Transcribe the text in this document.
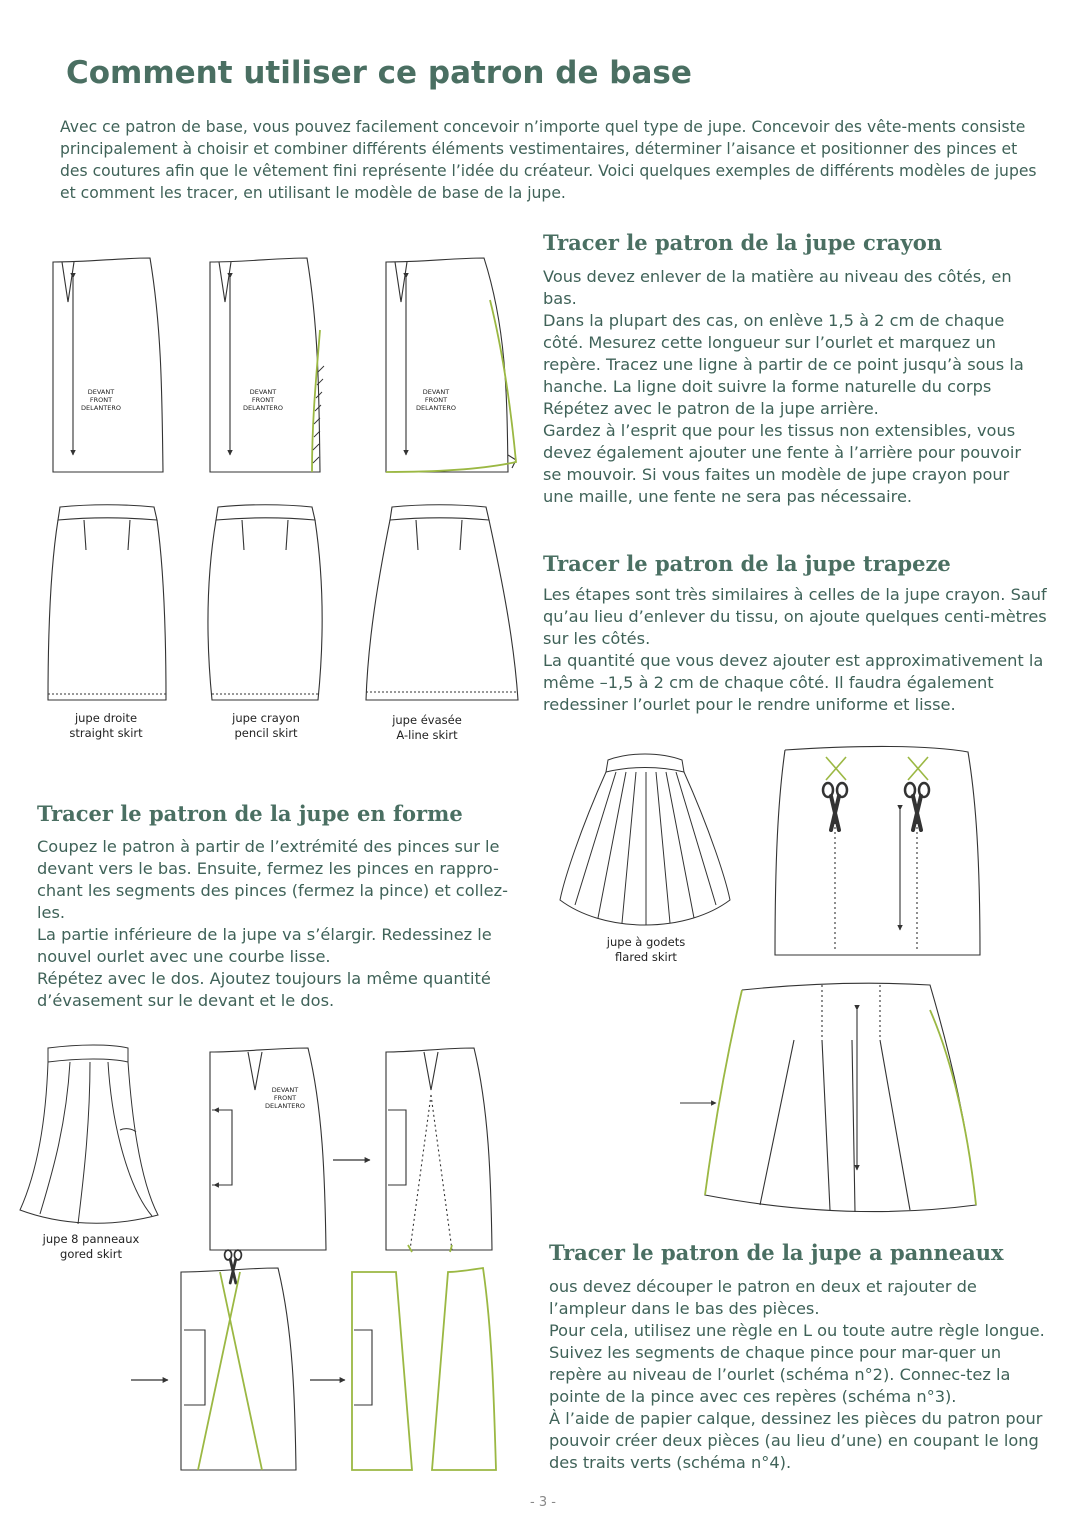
Comment utiliser ce patron de base

Avec ce patron de base, vous pouvez facilement concevoir n’importe quel type de jupe. Concevoir des vête-ments consiste principalement à choisir et combiner différents éléments vestimentaires, déterminer l’aisance et positionner des pinces et des coutures afin que le vêtement fini représente l’idée du créateur. Voici quelques exemples de différents modèles de jupes et comment les tracer, en utilisant le modèle de base de la jupe.

Tracer le patron de la jupe crayon

Vous devez enlever de la matière au niveau des côtés, en bas.

Dans la plupart des cas, on enlève 1,5 à 2 cm de chaque côté. Mesurez cette longueur sur l’ourlet et marquez un repère. Tracez une ligne à partir de ce point jusqu’à sous la hanche. La ligne doit suivre la forme naturelle du corps

Répétez avec le patron de la jupe arrière.

Gardez à l’esprit que pour les tissus non extensibles, vous devez également ajouter une fente à l’arrière pour pouvoir se mouvoir. Si vous faites un modèle de jupe crayon pour une maille, une fente ne sera pas nécessaire.

Tracer le patron de la jupe trapeze

Les étapes sont très similaires à celles de la jupe crayon. Sauf qu’au lieu d’enlever du tissu, on ajoute quelques centi-mètres sur les côtés.

La quantité que vous devez ajouter est approximativement la même –1,5 à 2 cm de chaque côté. Il faudra également redessiner l’ourlet pour le rendre uniforme et lisse.

Tracer le patron de la jupe en forme

Coupez le patron à partir de l’extrémité des pinces sur le devant vers le bas. Ensuite, fermez les pinces en rappro-chant les segments des pinces (fermez la pince) et collez-les.

La partie inférieure de la jupe va s’élargir. Redessinez le nouvel ourlet avec une courbe lisse.

Répétez avec le dos. Ajoutez toujours la même quantité d’évasement sur le devant et le dos.

Tracer le patron de la jupe a panneaux

ous devez découper le patron en deux et rajouter de l’ampleur dans le bas des pièces.

Pour cela, utilisez une règle en L ou toute autre règle longue. Suivez les segments de chaque pince pour mar-quer un repère au niveau de l’ourlet (schéma n°2). Connec-tez la pointe de la pince avec ces repères (schéma n°3).

À l’aide de papier calque, dessinez les pièces du patron pour pouvoir créer deux pièces (au lieu d’une) en coupant le long des traits verts (schéma n°4).

jupe droite
straight skirt
jupe crayon
pencil skirt
jupe évasée
A-line skirt
jupe à godets
flared skirt
jupe 8 panneaux
gored skirt
- 3 -
DEVANT
FRONT
DELANTERO
DEVANT
FRONT
DELANTERO
DEVANT
FRONT
DELANTERO
DEVANT
FRONT
DELANTERO
